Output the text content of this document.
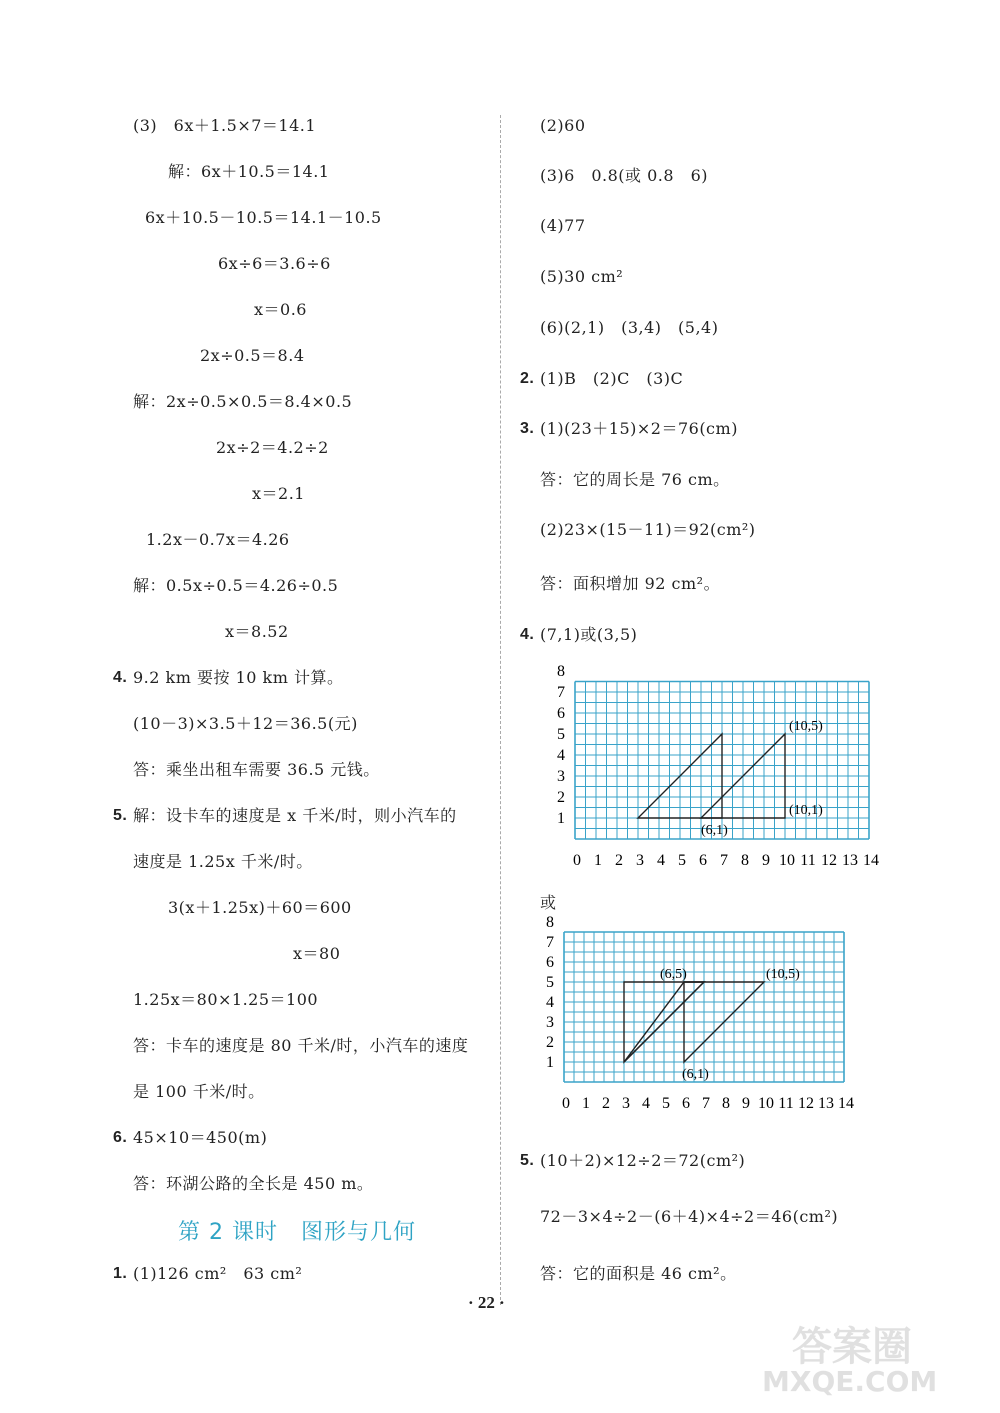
(3)　6x＋1.5×7＝14.1
解：6x＋10.5＝14.1
6x＋10.5－10.5＝14.1－10.5
6x÷6＝3.6÷6
x＝0.6
2x÷0.5＝8.4
解：2x÷0.5×0.5＝8.4×0.5
2x÷2＝4.2÷2
x＝2.1
1.2x－0.7x＝4.26
解：0.5x÷0.5＝4.26÷0.5
x＝8.52
4. 9.2 km 要按 10 km 计算。
(10－3)×3.5＋12＝36.5(元)
答：乘坐出租车需要 36.5 元钱。
5. 解：设卡车的速度是 x 千米/时，则小汽车的
速度是 1.25x 千米/时。
3(x＋1.25x)＋60＝600
x＝80
1.25x＝80×1.25＝100
答：卡车的速度是 80 千米/时，小汽车的速度
是 100 千米/时。
6. 45×10＝450(m)
答：环湖公路的全长是 450 m。
第 2 课时　图形与几何
1. (1)126 cm²　63 cm²
(2)60
(3)6　0.8(或 0.8　6)
(4)77
(5)30 cm²
(6)(2,1)　(3,4)　(5,4)
2. (1)B　(2)C　(3)C
3. (1)(23＋15)×2＝76(cm)
答：它的周长是 76 cm。
(2)23×(15－11)＝92(cm²)
答：面积增加 92 cm²。
4. (7,1)或(3,5)
1
2
3
4
5
6
7
8
0 1 2 3 4 5 6 7 8 9 10 11 12 13 14
(10,5)
(10,1)
(6,1)
或
1
2
3
4
5
6
7
8
0 1 2 3 4 5 6 7 8 9 10 11 12 13 14
(6,5)	(10,5)
(6,1)
5. (10＋2)×12÷2＝72(cm²)
72－3×4÷2－(6＋4)×4÷2＝46(cm²)
答：它的面积是 46 cm²。
· 22 ·
答案圈
MXQE.COM
